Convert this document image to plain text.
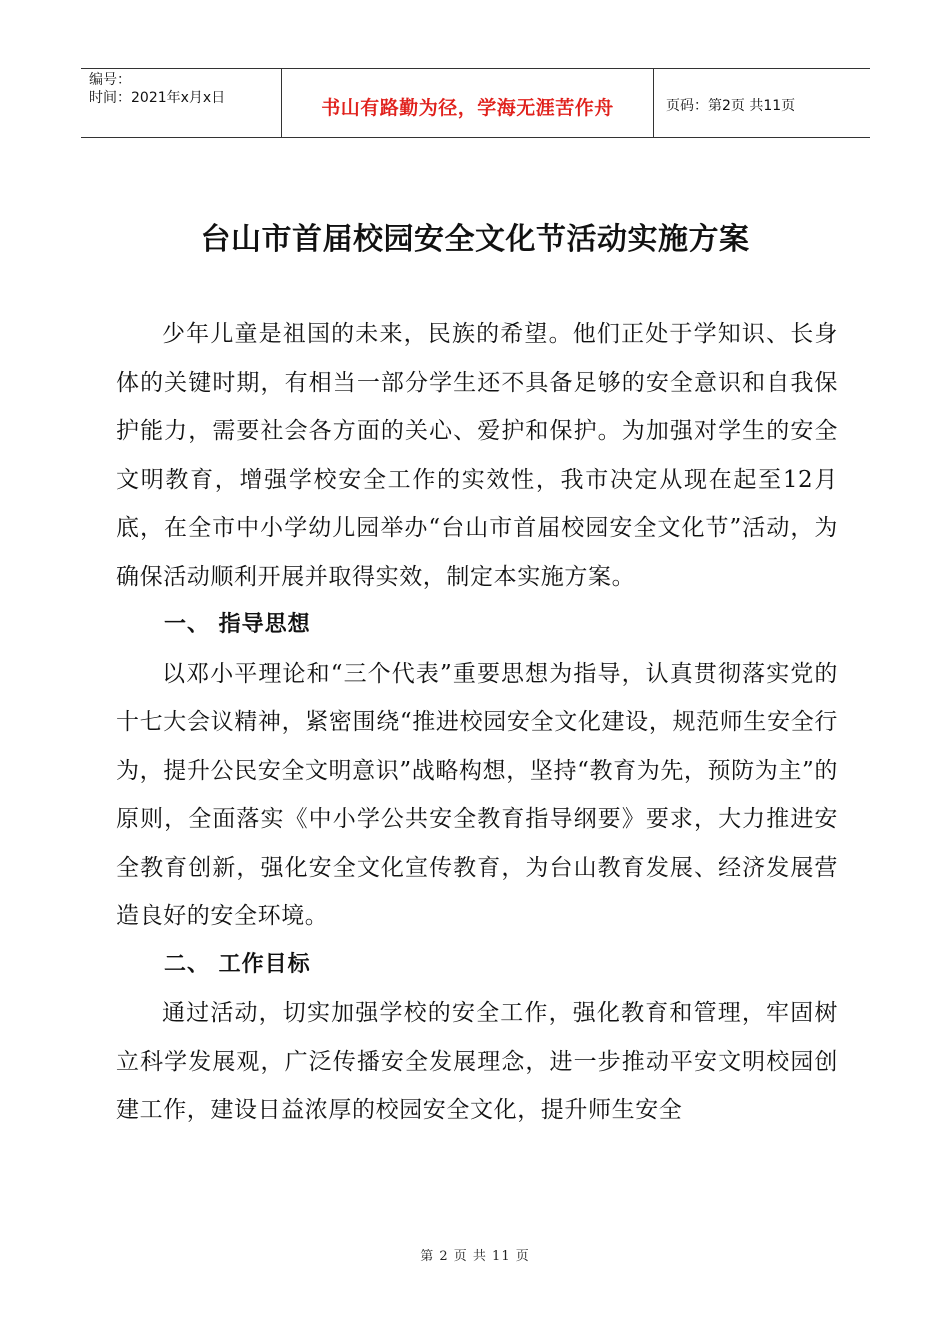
编号：
时间：2021年x月x日	书山有路勤为径，学海无涯苦作舟	页码：第2页 共11页
台山市首届校园安全文化节活动实施方案

少年儿童是祖国的未来，民族的希望。他们正处于学知识、长身体的关键时期，有相当一部分学生还不具备足够的安全意识和自我保护能力，需要社会各方面的关心、爱护和保护。为加强对学生的安全文明教育，增强学校安全工作的实效性，我市决定从现在起至12月底，在全市中小学幼儿园举办“台山市首届校园安全文化节”活动，为确保活动顺利开展并取得实效，制定本实施方案。

一、 指导思想

以邓小平理论和“三个代表”重要思想为指导，认真贯彻落实党的十七大会议精神，紧密围绕“推进校园安全文化建设，规范师生安全行为，提升公民安全文明意识”战略构想，坚持“教育为先，预防为主”的原则，全面落实《中小学公共安全教育指导纲要》要求，大力推进安全教育创新，强化安全文化宣传教育，为台山教育发展、经济发展营造良好的安全环境。

二、 工作目标

通过活动，切实加强学校的安全工作，强化教育和管理，牢固树立科学发展观，广泛传播安全发展理念，进一步推动平安文明校园创建工作，建设日益浓厚的校园安全文化，提升师生安全

第 2 页 共 11 页
